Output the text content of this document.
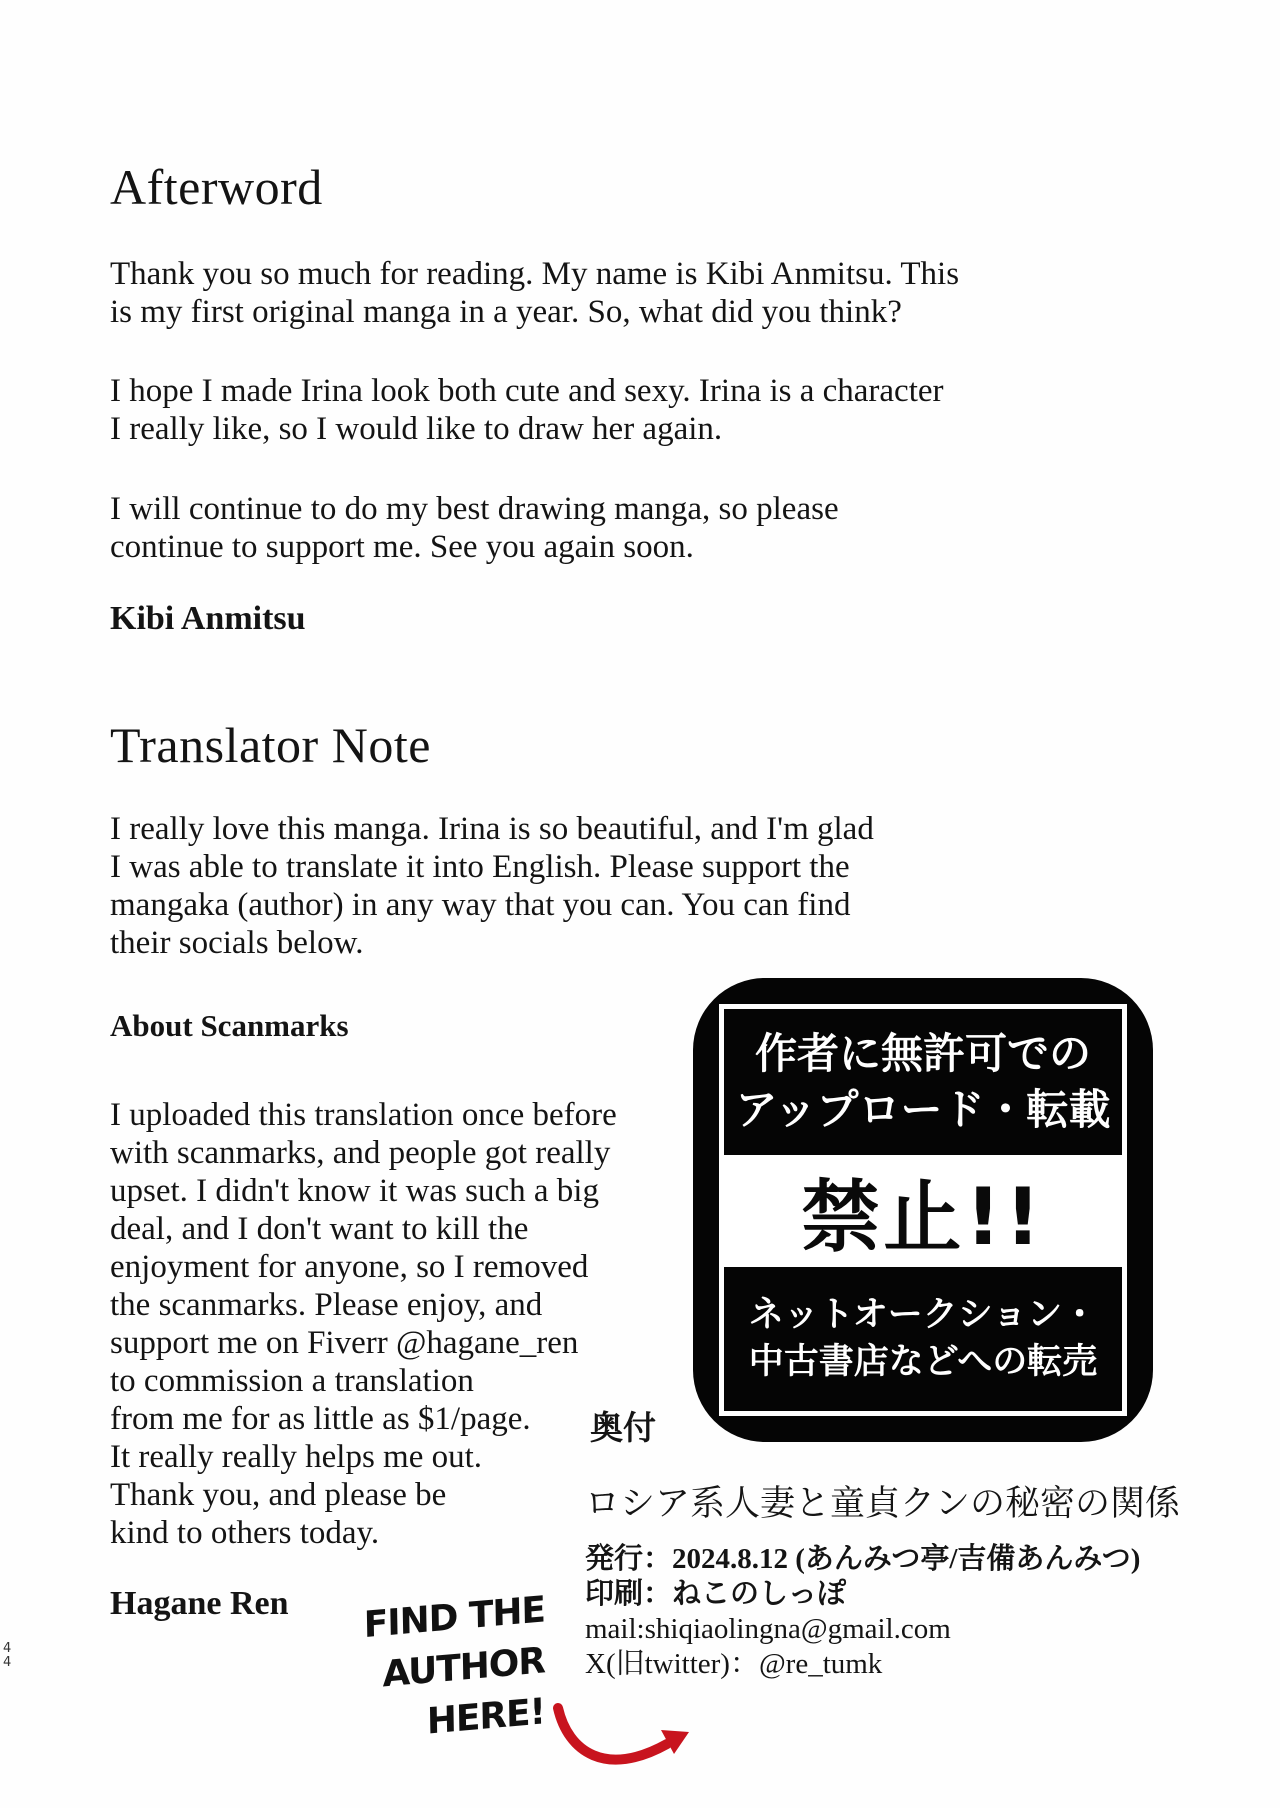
Afterword
Thank you so much for reading. My name is Kibi Anmitsu. This
is my first original manga in a year. So, what did you think?
I hope I made Irina look both cute and sexy. Irina is a character
I really like, so I would like to draw her again.
I will continue to do my best drawing manga, so please
continue to support me. See you again soon.
Kibi Anmitsu
Translator Note
I really love this manga. Irina is so beautiful, and I'm glad
I was able to translate it into English. Please support the
mangaka (author) in any way that you can. You can find
their socials below.
About Scanmarks
I uploaded this translation once before
with scanmarks, and people got really
upset. I didn't know it was such a big
deal, and I don't want to kill the
enjoyment for anyone, so I removed
the scanmarks. Please enjoy, and
support me on Fiverr @hagane_ren
to commission a translation
from me for as little as $1/page.
It really really helps me out.
Thank you, and please be
kind to others today.
Hagane Ren
4
4
作者に無許可での
アップロード・転載
禁止!!
ネットオークション・
中古書店などへの転売
奥付
ロシア系人妻と童貞クンの秘密の関係
発行：2024.8.12 (あんみつ亭/吉備あんみつ)
印刷：ねこのしっぽ
mail:shiqiaolingna@gmail.com
X(旧twitter)：@re_tumk
FIND THE
AUTHOR
HERE!
